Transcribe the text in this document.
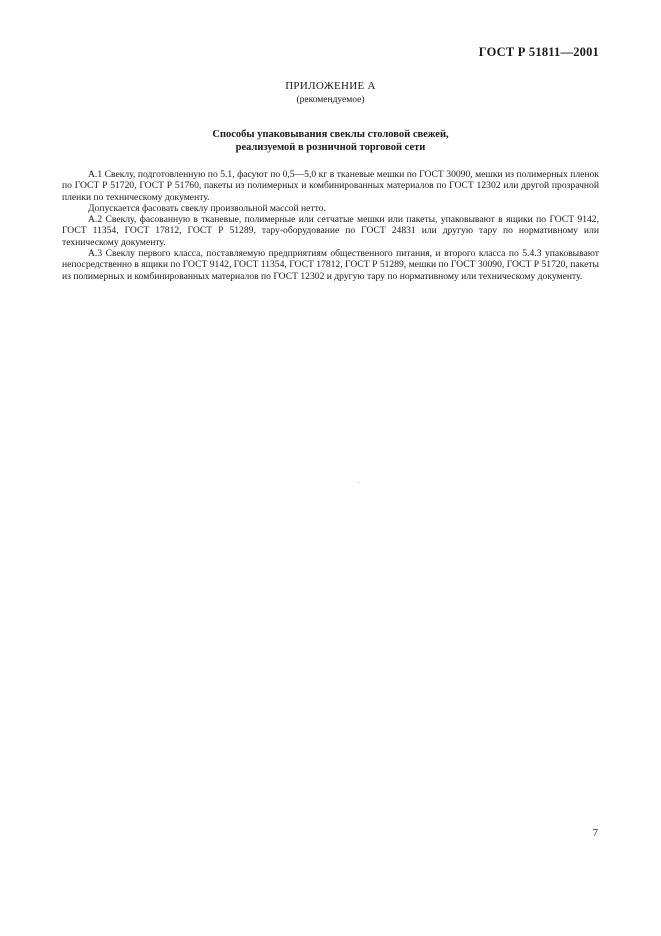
ГОСТ Р 51811—2001
ПРИЛОЖЕНИЕ А
(рекомендуемое)
Способы упаковывания свеклы столовой свежей,
реализуемой в розничной торговой сети

А.1 Свеклу, подготовленную по 5.1, фасуют по 0,5—5,0 кг в тканевые мешки по ГОСТ 30090, мешки из полимерных пленок по ГОСТ Р 51720, ГОСТ Р 51760, пакеты из полимерных и комбинированных материалов по ГОСТ 12302 или другой прозрачной пленки по техническому документу.

Допускается фасовать свеклу произвольной массой нетто.

А.2 Свеклу, фасованную в тканевые, полимерные или сетчатые мешки или пакеты, упаковывают в ящики по ГОСТ 9142, ГОСТ 11354, ГОСТ 17812, ГОСТ Р 51289, тару-оборудование по ГОСТ 24831 или другую тару по нормативному или техническому документу.

А.3 Свеклу первого класса, поставляемую предприятиям общественного питания, и второго класса по 5.4.3 упаковывают непосредственно в ящики по ГОСТ 9142, ГОСТ 11354, ГОСТ 17812, ГОСТ Р 51289, мешки по ГОСТ 30090, ГОСТ Р 51720, пакеты из полимерных и комбинированных материалов по ГОСТ 12302 и другую тару по нормативному или техническому документу.

7
